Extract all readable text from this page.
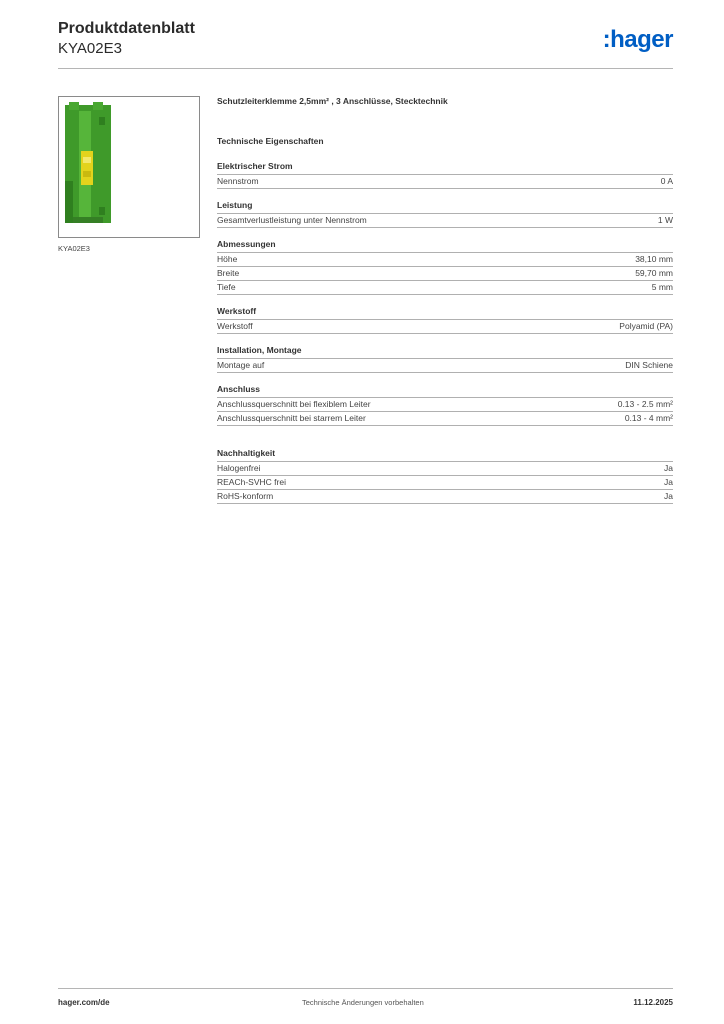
Produktdatenblatt
KYA02E3	:hager
KYA02E3
Schutzleiterklemme 2,5mm² , 3 Anschlüsse, Stecktechnik
Technische Eigenschaften
Elektrischer Strom
Nennstrom	0 A
Leistung
Gesamtverlustleistung unter Nennstrom	1 W
Abmessungen
Höhe	38,10 mm
Breite	59,70 mm
Tiefe	5 mm
Werkstoff
Werkstoff	Polyamid (PA)
Installation, Montage
Montage auf	DIN Schiene
Anschluss
Anschlussquerschnitt bei flexiblem Leiter	0.13 - 2.5 mm²
Anschlussquerschnitt bei starrem Leiter	0.13 - 4 mm²
Nachhaltigkeit
Halogenfrei	Ja
REACh-SVHC frei	Ja
RoHS-konform	Ja
hager.com/de	Technische Änderungen vorbehalten	11.12.2025
